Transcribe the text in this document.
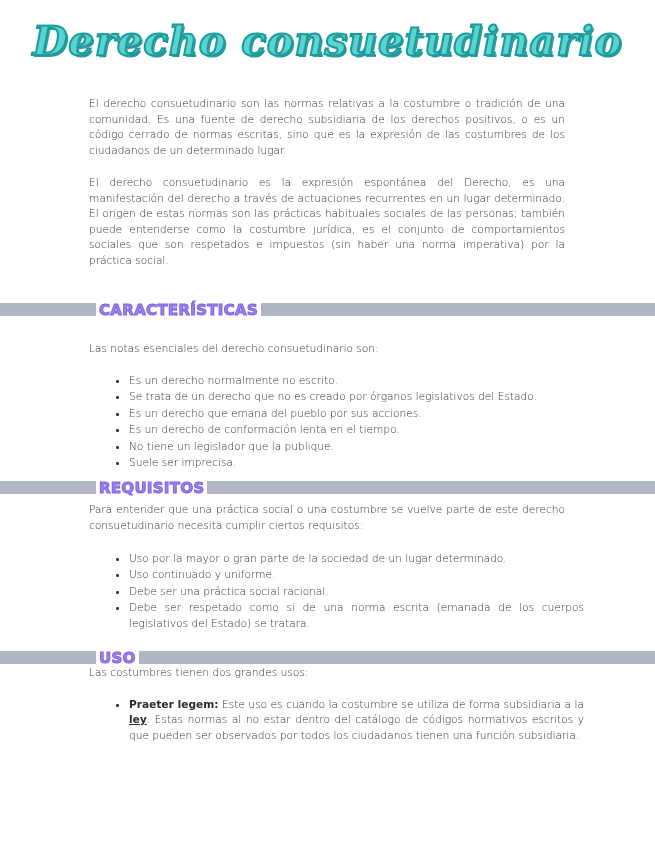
Derecho consuetudinario

El derecho consuetudinario son las normas relativas a la costumbre o tradición de una comunidad. Es una fuente de derecho subsidiaria de los derechos positivos, o es un código cerrado de normas escritas, sino que es la expresión de las costumbres de los ciudadanos de un determinado lugar.

El derecho consuetudinario es la expresión espontánea del Derecho, es una manifestación del derecho a través de actuaciones recurrentes en un lugar determinado. El origen de estas normas son las prácticas habituales sociales de las personas; también puede entenderse como la costumbre jurídica, es el conjunto de comportamientos sociales que son respetados e impuestos (sin haber una norma imperativa) por la práctica social.

CARACTERÍSTICAS

Las notas esenciales del derecho consuetudinario son:

• Es un derecho normalmente no escrito.
• Se trata de un derecho que no es creado por órganos legislativos del Estado.
• Es un derecho que emana del pueblo por sus acciones.
• Es un derecho de conformación lenta en el tiempo.
• No tiene un legislador que la publique.
• Suele ser imprecisa.
REQUISITOS

Para entender que una práctica social o una costumbre se vuelve parte de este derecho consuetudinario necesita cumplir ciertos requisitos:

• Uso por la mayor o gran parte de la sociedad de un lugar determinado.
• Uso continuado y uniforme.
• Debe ser una práctica social racional.
• Debe ser respetado como si de una norma escrita (emanada de los cuerpos legislativos del Estado) se tratara.
USO

Las costumbres tienen dos grandes usos:

• Praeter legem: Este uso es cuando la costumbre se utiliza de forma subsidiaria a la ley. Estas normas al no estar dentro del catálogo de códigos normativos escritos y que pueden ser observados por todos los ciudadanos tienen una función subsidiaria.
